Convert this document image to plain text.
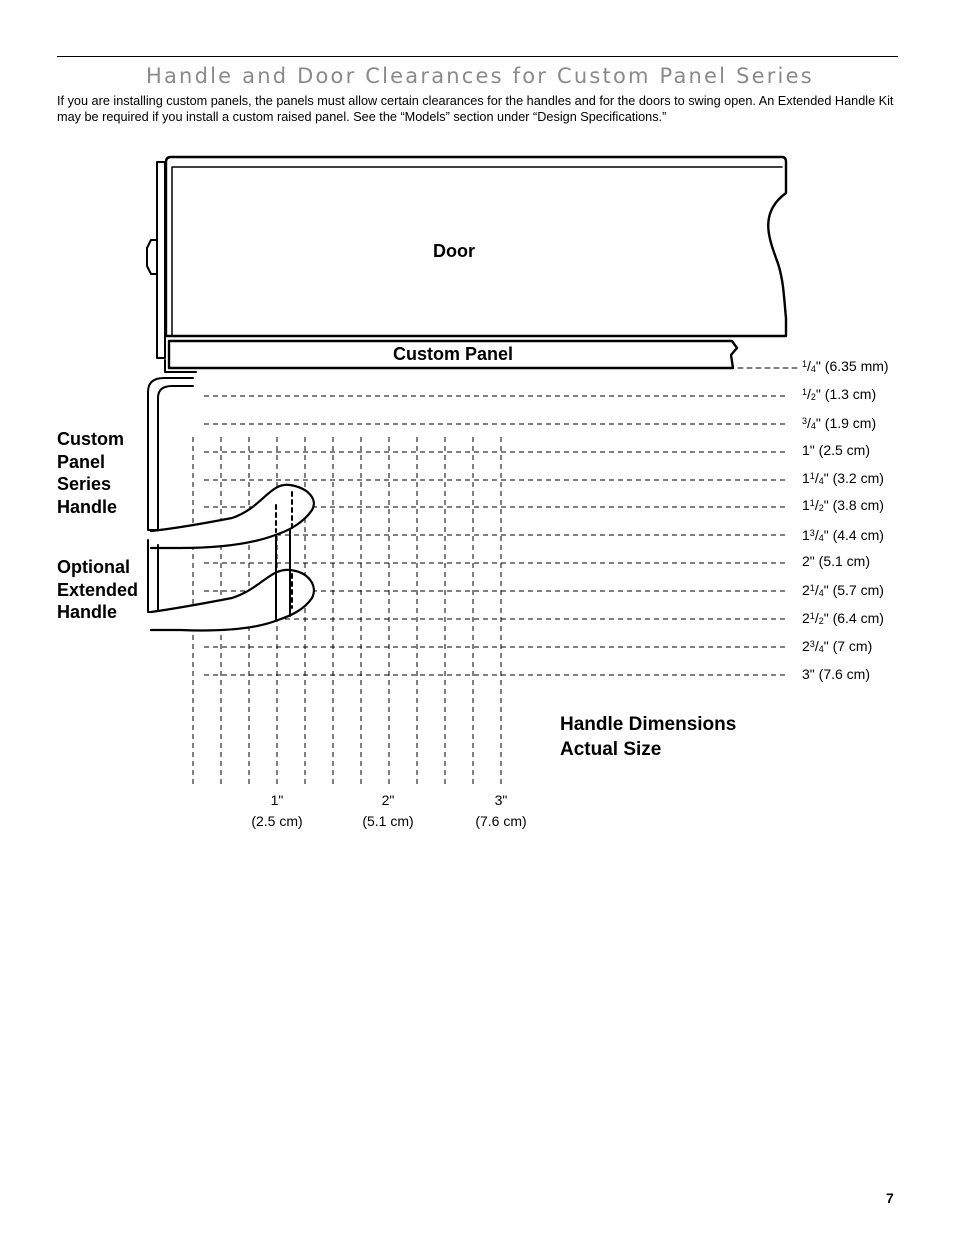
Handle and Door Clearances for Custom Panel Series

If you are installing custom panels, the panels must allow certain clearances for the handles and for the doors to swing open. An Extended Handle Kit may be required if you install a custom raised panel. See the “Models” section under “Design Specifications.”

Door
Custom Panel
Custom Panel Series Handle
Optional Extended Handle
Handle Dimensions
Actual Size
$^1/_4$" (6.35 mm)
$^1/_2$" (1.3 cm)
$^3/_4$" (1.9 cm)
1" (2.5 cm)
$1^1/_4$" (3.2 cm)
$1^1/_2$" (3.8 cm)
$1^3/_4$" (4.4 cm)
2" (5.1 cm)
$2^1/_4$" (5.7 cm)
$2^1/_2$" (6.4 cm)
$2^3/_4$" (7 cm)
3" (7.6 cm)
1"
(2.5 cm)
2"
(5.1 cm)
3"
(7.6 cm)
7
